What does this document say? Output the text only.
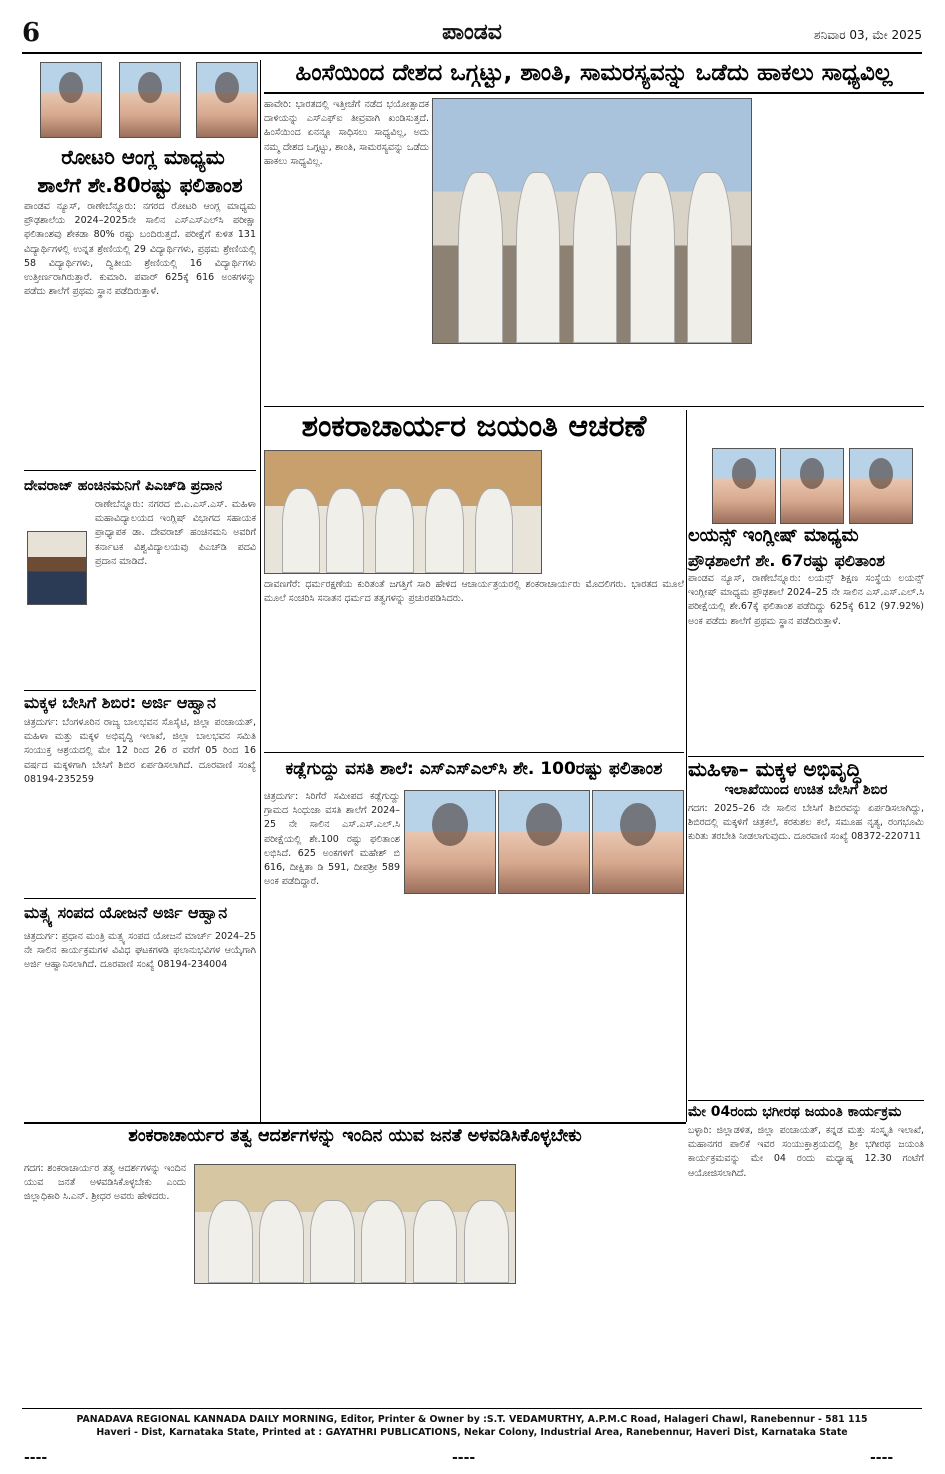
6	ಪಾಂಡವ	ಶನಿವಾರ 03, ಮೇ 2025
ರೋಟರಿ ಆಂಗ್ಲ ಮಾಧ್ಯಮ
ಶಾಲೆಗೆ ಶೇ.80ರಷ್ಟು ಫಲಿತಾಂಶ
ಪಾಂಡವ ನ್ಯೂಸ್, ರಾಣೇಬೆನ್ನೂರು: ನಗರದ ರೋಟರಿ ಆಂಗ್ಲ ಮಾಧ್ಯಮ ಪ್ರೌಢಶಾಲೆಯ 2024–2025ನೇ ಸಾಲಿನ ಎಸ್ಎಸ್ಎಲ್‌ಸಿ ಪರೀಕ್ಷಾ ಫಲಿತಾಂಶವು ಶೇಕಡಾ 80% ರಷ್ಟು ಬಂದಿರುತ್ತದೆ. ಪರೀಕ್ಷೆಗೆ ಕುಳಿತ 131 ವಿದ್ಯಾರ್ಥಿಗಳಲ್ಲಿ ಉನ್ನತ ಶ್ರೇಣಿಯಲ್ಲಿ 29 ವಿದ್ಯಾರ್ಥಿಗಳು, ಪ್ರಥಮ ಶ್ರೇಣಿಯಲ್ಲಿ 58 ವಿದ್ಯಾರ್ಥಿಗಳು, ದ್ವಿತೀಯ ಶ್ರೇಣಿಯಲ್ಲಿ 16 ವಿದ್ಯಾರ್ಥಿಗಳು ಉತ್ತೀರ್ಣರಾಗಿರುತ್ತಾರೆ. ಕುಮಾರಿ. ಪವಾರ್ 625ಕ್ಕೆ 616 ಅಂಕಗಳನ್ನು ಪಡೆದು ಶಾಲೆಗೆ ಪ್ರಥಮ ಸ್ಥಾನ ಪಡೆದಿರುತ್ತಾಳೆ.
ದೇವರಾಜ್ ಹಂಚಿನಮನಿಗೆ ಪಿಎಚ್‌ಡಿ ಪ್ರದಾನ
ರಾಣೇಬೆನ್ನೂರು: ನಗರದ ಬಿ.ಎ.ಎಸ್.ಎಸ್. ಮಹಿಳಾ ಮಹಾವಿದ್ಯಾಲಯದ ಇಂಗ್ಲಿಷ್ ವಿಭಾಗದ ಸಹಾಯಕ ಪ್ರಾಧ್ಯಾಪಕ ಡಾ. ದೇವರಾಜ್ ಹಂಚಿನಮನಿ ಅವರಿಗೆ ಕರ್ನಾಟಕ ವಿಶ್ವವಿದ್ಯಾಲಯವು ಪಿಎಚ್‌ಡಿ ಪದವಿ ಪ್ರದಾನ ಮಾಡಿದೆ.
ಮಕ್ಕಳ ಬೇಸಿಗೆ ಶಿಬಿರ: ಅರ್ಜಿ ಆಹ್ವಾನ
ಚಿತ್ರದುರ್ಗ: ಬೆಂಗಳೂರಿನ ರಾಜ್ಯ ಬಾಲಭವನ ಸೊಸೈಟಿ, ಜಿಲ್ಲಾ ಪಂಚಾಯತ್, ಮಹಿಳಾ ಮತ್ತು ಮಕ್ಕಳ ಅಭಿವೃದ್ಧಿ ಇಲಾಖೆ, ಜಿಲ್ಲಾ ಬಾಲಭವನ ಸಮಿತಿ ಸಂಯುಕ್ತ ಆಶ್ರಯದಲ್ಲಿ ಮೇ 12 ರಿಂದ 26 ರ ವರೆಗೆ 05 ರಿಂದ 16 ವರ್ಷದ ಮಕ್ಕಳಿಗಾಗಿ ಬೇಸಿಗೆ ಶಿಬಿರ ಏರ್ಪಡಿಸಲಾಗಿದೆ. ದೂರವಾಣಿ ಸಂಖ್ಯೆ 08194-235259
ಮತ್ಸ್ಯ ಸಂಪದ ಯೋಜನೆ ಅರ್ಜಿ ಆಹ್ವಾನ
ಚಿತ್ರದುರ್ಗ: ಪ್ರಧಾನ ಮಂತ್ರಿ ಮತ್ಸ್ಯ ಸಂಪದ ಯೋಜನೆ ಮಾರ್ಚ್ 2024–25 ನೇ ಸಾಲಿನ ಕಾರ್ಯಕ್ರಮಗಳ ವಿವಿಧ ಘಟಕಗಳಡಿ ಫಲಾನುಭವಿಗಳ ಆಯ್ಕೆಗಾಗಿ ಅರ್ಜಿ ಆಹ್ವಾನಿಸಲಾಗಿದೆ. ದೂರವಾಣಿ ಸಂಖ್ಯೆ 08194-234004
ಹಿಂಸೆಯಿಂದ ದೇಶದ ಒಗ್ಗಟ್ಟು, ಶಾಂತಿ, ಸಾಮರಸ್ಯವನ್ನು ಒಡೆದು ಹಾಕಲು ಸಾಧ್ಯವಿಲ್ಲ
ಹಾವೇರಿ: ಭಾರತದಲ್ಲಿ ಇತ್ತೀಚೆಗೆ ನಡೆದ ಭಯೋತ್ಪಾದಕ ದಾಳಿಯನ್ನು ಎಸ್ಎಫ್ಐ ತೀವ್ರವಾಗಿ ಖಂಡಿಸುತ್ತದೆ. ಹಿಂಸೆಯಿಂದ ಏನನ್ನೂ ಸಾಧಿಸಲು ಸಾಧ್ಯವಿಲ್ಲ, ಅದು ನಮ್ಮ ದೇಶದ ಒಗ್ಗಟ್ಟು, ಶಾಂತಿ, ಸಾಮರಸ್ಯವನ್ನು ಒಡೆದು ಹಾಕಲು ಸಾಧ್ಯವಿಲ್ಲ.
ಶಂಕರಾಚಾರ್ಯರ ಜಯಂತಿ ಆಚರಣೆ
ದಾವಣಗೆರೆ: ಧರ್ಮರಕ್ಷಣೆಯ ಕುರಿತಂತೆ ಜಗತ್ತಿಗೆ ಸಾರಿ ಹೇಳಿದ ಆಚಾರ್ಯತ್ರಯರಲ್ಲಿ ಶಂಕರಾಚಾರ್ಯರು ಮೊದಲಿಗರು. ಭಾರತದ ಮೂಲೆ ಮೂಲೆ ಸಂಚರಿಸಿ ಸನಾತನ ಧರ್ಮದ ತತ್ವಗಳನ್ನು ಪ್ರಚುರಪಡಿಸಿದರು.
ಲಯನ್ಸ್ ಇಂಗ್ಲೀಷ್ ಮಾಧ್ಯಮ
ಪ್ರೌಢಶಾಲೆಗೆ ಶೇ. 67ರಷ್ಟು ಫಲಿತಾಂಶ
ಪಾಂಡವ ನ್ಯೂಸ್, ರಾಣೇಬೆನ್ನೂರು: ಲಯನ್ಸ್ ಶಿಕ್ಷಣ ಸಂಸ್ಥೆಯ ಲಯನ್ಸ್ ಇಂಗ್ಲೀಷ್ ಮಾಧ್ಯಮ ಪ್ರೌಢಶಾಲೆ 2024–25 ನೇ ಸಾಲಿನ ಎಸ್.ಎಸ್.ಎಲ್.ಸಿ ಪರೀಕ್ಷೆಯಲ್ಲಿ ಶೇ.67ಕ್ಕೆ ಫಲಿತಾಂಶ ಪಡೆದಿದ್ದು 625ಕ್ಕೆ 612 (97.92%) ಅಂಕ ಪಡೆದು ಶಾಲೆಗೆ ಪ್ರಥಮ ಸ್ಥಾನ ಪಡೆದಿರುತ್ತಾಳೆ.
ಮಹಿಳಾ– ಮಕ್ಕಳ ಅಭಿವೃದ್ಧಿ
ಇಲಾಖೆಯಿಂದ ಉಚಿತ ಬೇಸಿಗೆ ಶಿಬಿರ
ಗದಗ: 2025–26 ನೇ ಸಾಲಿನ ಬೇಸಿಗೆ ಶಿಬಿರವನ್ನು ಏರ್ಪಡಿಸಲಾಗಿದ್ದು, ಶಿಬಿರದಲ್ಲಿ ಮಕ್ಕಳಿಗೆ ಚಿತ್ರಕಲೆ, ಕರಕುಶಲ ಕಲೆ, ಸಮೂಹ ನೃತ್ಯ, ರಂಗಭೂಮಿ ಕುರಿತು ತರಬೇತಿ ನೀಡಲಾಗುವುದು. ದೂರವಾಣಿ ಸಂಖ್ಯೆ 08372-220711
ಕಡ್ಲೆಗುದ್ದು ವಸತಿ ಶಾಲೆ: ಎಸ್ಎಸ್ಎಲ್‌ಸಿ ಶೇ. 100ರಷ್ಟು ಫಲಿತಾಂಶ
ಚಿತ್ರದುರ್ಗ: ಸಿರಿಗೆರೆ ಸಮೀಪದ ಕಡ್ಲೆಗುದ್ದು ಗ್ರಾಮದ ಸಿಂಧುಜಾ ವಸತಿ ಶಾಲೆಗೆ 2024–25 ನೇ ಸಾಲಿನ ಎಸ್.ಎಸ್.ಎಲ್.ಸಿ ಪರೀಕ್ಷೆಯಲ್ಲಿ ಶೇ.100 ರಷ್ಟು ಫಲಿತಾಂಶ ಲಭಿಸಿದೆ. 625 ಅಂಕಗಳಿಗೆ ಮಹೇಶ್ ಬಿ 616, ದೀಕ್ಷಿತಾ ಡಿ 591, ದೀಪಶ್ರೀ 589 ಅಂಕ ಪಡೆದಿದ್ದಾರೆ.
ಮೇ 04ರಂದು ಭಗೀರಥ ಜಯಂತಿ ಕಾರ್ಯಕ್ರಮ
ಬಳ್ಳಾರಿ: ಜಿಲ್ಲಾಡಳಿತ, ಜಿಲ್ಲಾ ಪಂಚಾಯತ್, ಕನ್ನಡ ಮತ್ತು ಸಂಸ್ಕೃತಿ ಇಲಾಖೆ, ಮಹಾನಗರ ಪಾಲಿಕೆ ಇವರ ಸಂಯುಕ್ತಾಶ್ರಯದಲ್ಲಿ ಶ್ರೀ ಭಗೀರಥ ಜಯಂತಿ ಕಾರ್ಯಕ್ರಮವನ್ನು ಮೇ 04 ರಂದು ಮಧ್ಯಾಹ್ನ 12.30 ಗಂಟೆಗೆ ಆಯೋಜಿಸಲಾಗಿದೆ.
ಶಂಕರಾಚಾರ್ಯರ ತತ್ವ ಆದರ್ಶಗಳನ್ನು ಇಂದಿನ ಯುವ ಜನತೆ ಅಳವಡಿಸಿಕೊಳ್ಳಬೇಕು
ಗದಗ: ಶಂಕರಾಚಾರ್ಯರ ತತ್ವ ಆದರ್ಶಗಳನ್ನು ಇಂದಿನ ಯುವ ಜನತೆ ಅಳವಡಿಸಿಕೊಳ್ಳಬೇಕು ಎಂದು ಜಿಲ್ಲಾಧಿಕಾರಿ ಸಿ.ಎನ್. ಶ್ರೀಧರ ಅವರು ಹೇಳಿದರು.
PANADAVA REGIONAL KANNADA DAILY MORNING, Editor, Printer & Owner by :S.T. VEDAMURTHY, A.P.M.C Road, Halageri Chawl, Ranebennur - 581 115
Haveri - Dist, Karnataka State, Printed at : GAYATHRI PUBLICATIONS, Nekar Colony, Industrial Area, Ranebennur, Haveri Dist, Karnataka State
----	----	----
